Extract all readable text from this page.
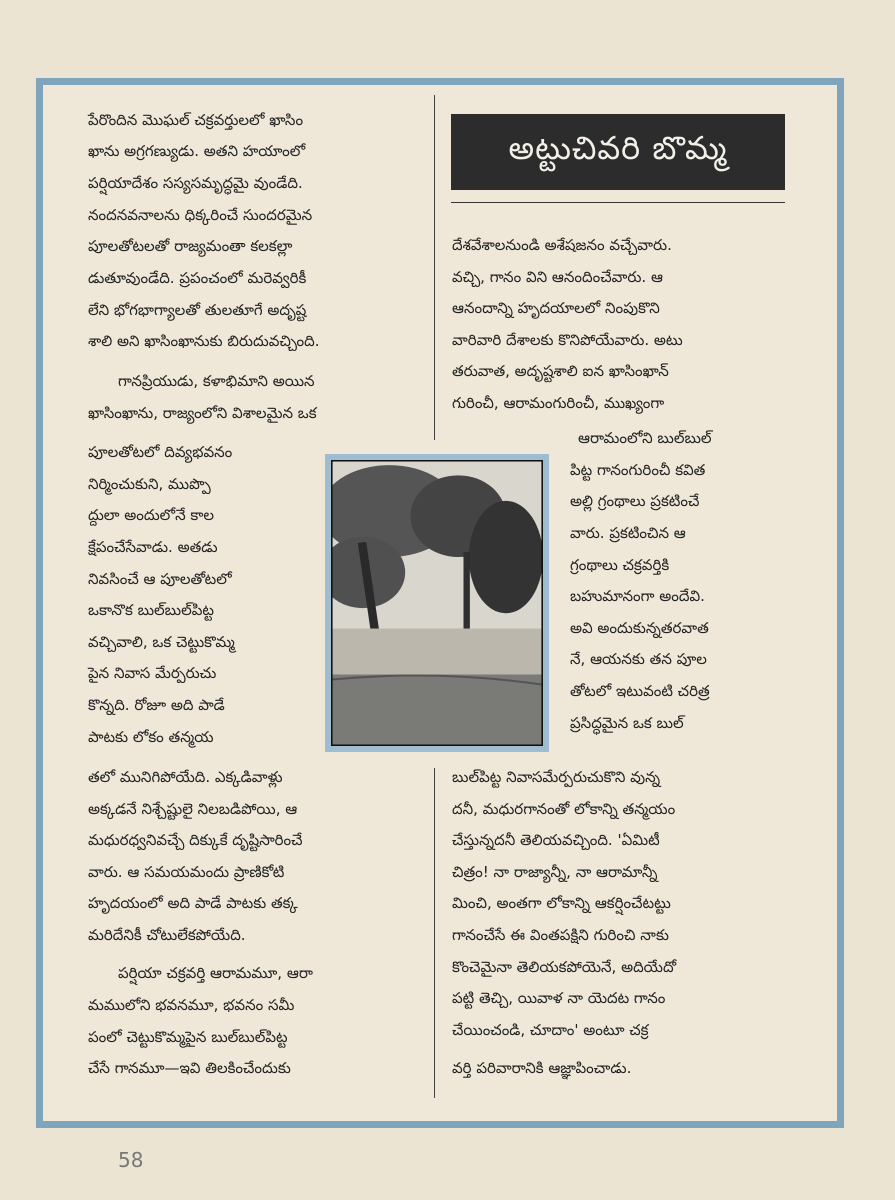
అట్టుచివరి బొమ్మ
పేరొందిన మొఘల్ చక్రవర్తులలో ఖాసిం
ఖాను అగ్రగణ్యుడు. అతని హయాంలో
పర్షియాదేశం సస్యసమృద్ధమై వుండేది.
నందనవనాలను ధిక్కరించే సుందరమైన
పూలతోటలతో రాజ్యమంతా కలకల్లా
డుతూవుండేది. ప్రపంచంలో మరెవ్వరికీ
లేని భోగభాగ్యాలతో తులతూగే అదృష్ట
శాలి అని ఖాసింఖానుకు బిరుదువచ్చింది.
గానప్రియుడు, కళాభిమాని అయిన
ఖాసింఖాను, రాజ్యంలోని విశాలమైన ఒక
పూలతోటలో దివ్యభవనం
నిర్మించుకుని, ముప్పొ
ద్దులా అందులోనే కాల
క్షేపంచేసేవాడు. అతడు
నివసించే ఆ పూలతోటలో
ఒకానొక బుల్‌బుల్‌పిట్ట
వచ్చివాలి, ఒక చెట్టుకొమ్మ
పైన నివాస మేర్పరుచు
కొన్నది. రోజూ అది పాడే
పాటకు లోకం తన్మయ
తలో మునిగిపోయేది. ఎక్కడివాళ్లు
అక్కడనే నిశ్చేష్టులై నిలబడిపోయి, ఆ
మధురధ్వనివచ్చే దిక్కుకే దృష్టిసారించే
వారు. ఆ సమయమందు ప్రాణికోటి
హృదయంలో అది పాడే పాటకు తక్క
మరిదేనికీ చోటులేకపోయేది.
పర్షియా చక్రవర్తి ఆరామమూ, ఆరా
మములోని భవనమూ, భవనం సమీ
పంలో చెట్టుకొమ్మపైన బుల్‌బుల్‌పిట్ట
చేసే గానమూ—ఇవి తిలకించేందుకు
దేశవేశాలనుండి అశేషజనం వచ్చేవారు.
వచ్చి, గానం విని ఆనందించేవారు. ఆ
ఆనందాన్ని హృదయాలలో నింపుకొని
వారివారి దేశాలకు కొనిపోయేవారు. అటు
తరువాత, అదృష్టశాలి ఐన ఖాసింఖాన్
గురించీ, ఆరామంగురించీ, ముఖ్యంగా
ఆరామంలోని బుల్‌బుల్
పిట్ట గానంగురించీ కవిత
అల్లి గ్రంథాలు ప్రకటించే
వారు. ప్రకటించిన ఆ
గ్రంథాలు చక్రవర్తికి
బహుమానంగా అందేవి.
అవి అందుకున్నతరవాత
నే, ఆయనకు తన పూల
తోటలో ఇటువంటి చరిత్ర
ప్రసిద్ధమైన ఒక బుల్
బుల్‌పిట్ట నివాసమేర్పరుచుకొని వున్న
దనీ, మధురగానంతో లోకాన్ని తన్మయం
చేస్తున్నదనీ తెలియవచ్చింది. 'ఏమిటీ
చిత్రం! నా రాజ్యాన్నీ, నా ఆరామాన్నీ
మించి, అంతగా లోకాన్ని ఆకర్షించేటట్టు
గానంచేసే ఈ వింతపక్షిని గురించి నాకు
కొంచెమైనా తెలియకపోయెనే, అదియేదో
పట్టి తెచ్చి, యివాళ నా యెదట గానం
చేయించండి, చూదాం' అంటూ చక్ర
వర్తి పరివారానికి ఆజ్ఞాపించాడు.
58
